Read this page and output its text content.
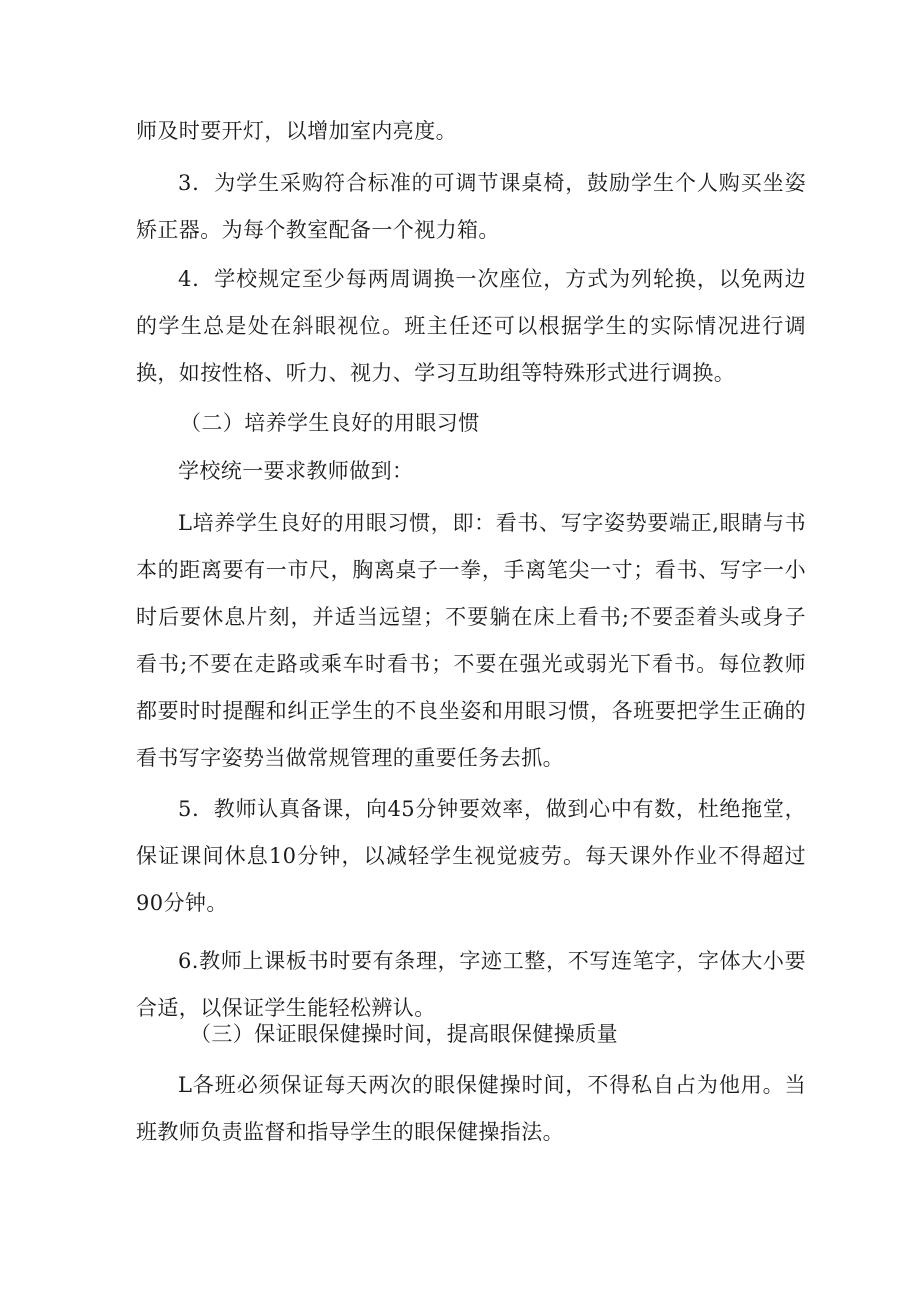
师及时要开灯，以增加室内亮度。

3．为学生采购符合标准的可调节课桌椅，鼓励学生个人购买坐姿矫正器。为每个教室配备一个视力箱。

4．学校规定至少每两周调换一次座位，方式为列轮换，以免两边的学生总是处在斜眼视位。班主任还可以根据学生的实际情况进行调换，如按性格、听力、视力、学习互助组等特殊形式进行调换。

（二）培养学生良好的用眼习惯

学校统一要求教师做到：

L培养学生良好的用眼习惯，即：看书、写字姿势要端正,眼睛与书本的距离要有一市尺，胸离桌子一拳，手离笔尖一寸；看书、写字一小时后要休息片刻，并适当远望；不要躺在床上看书;不要歪着头或身子看书;不要在走路或乘车时看书；不要在强光或弱光下看书。每位教师都要时时提醒和纠正学生的不良坐姿和用眼习惯，各班要把学生正确的看书写字姿势当做常规管理的重要任务去抓。

5．教师认真备课，向45分钟要效率，做到心中有数，杜绝拖堂，保证课间休息10分钟，以减轻学生视觉疲劳。每天课外作业不得超过90分钟。

6.教师上课板书时要有条理，字迹工整，不写连笔字，字体大小要合适，以保证学生能轻松辨认。

（三）保证眼保健操时间，提高眼保健操质量

L各班必须保证每天两次的眼保健操时间，不得私自占为他用。当班教师负责监督和指导学生的眼保健操指法。
